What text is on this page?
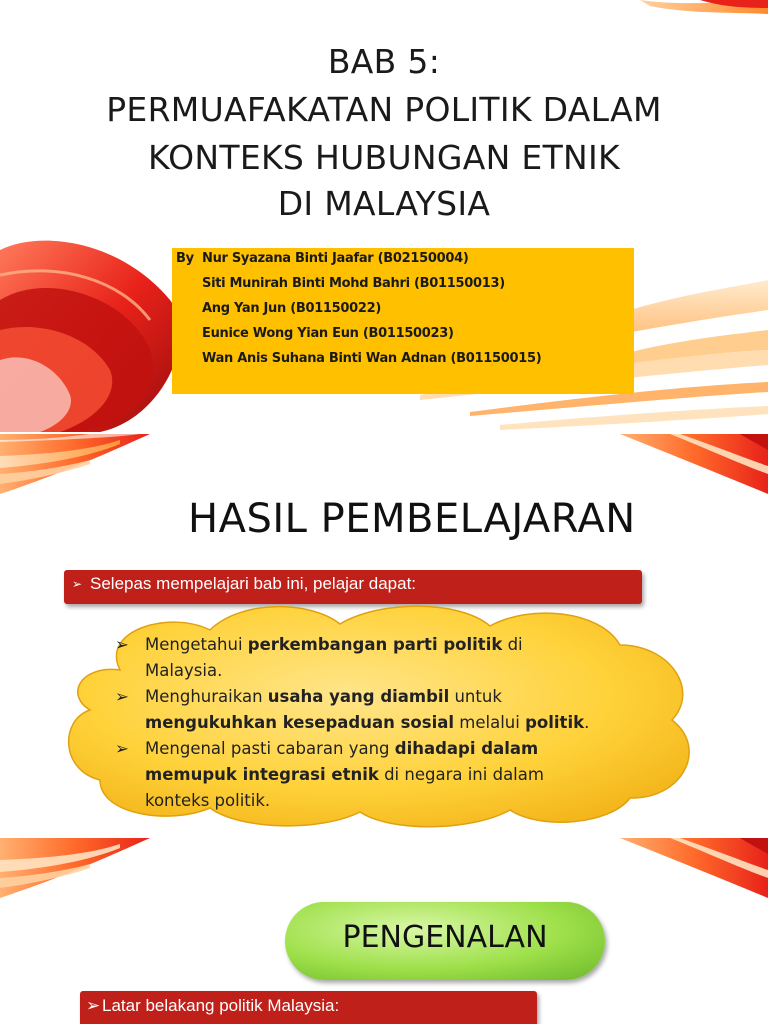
BAB 5:
PERMUAFAKATAN POLITIK DALAM
KONTEKS HUBUNGAN ETNIK
DI MALAYSIA
By Nur Syazana Binti Jaafar (B02150004)
Siti Munirah Binti Mohd Bahri (B01150013)
Ang Yan Jun (B01150022)
Eunice Wong Yian Eun (B01150023)
Wan Anis Suhana Binti Wan Adnan (B01150015)
HASIL PEMBELAJARAN
➢ Selepas mempelajari bab ini, pelajar dapat:
➢ Mengetahui perkembangan parti politik di Malaysia.
➢ Menghuraikan usaha yang diambil untuk mengukuhkan kesepaduan sosial melalui politik.
➢ Mengenal pasti cabaran yang dihadapi dalam memupuk integrasi etnik di negara ini dalam konteks politik.
PENGENALAN
➢ Latar belakang politik Malaysia:
